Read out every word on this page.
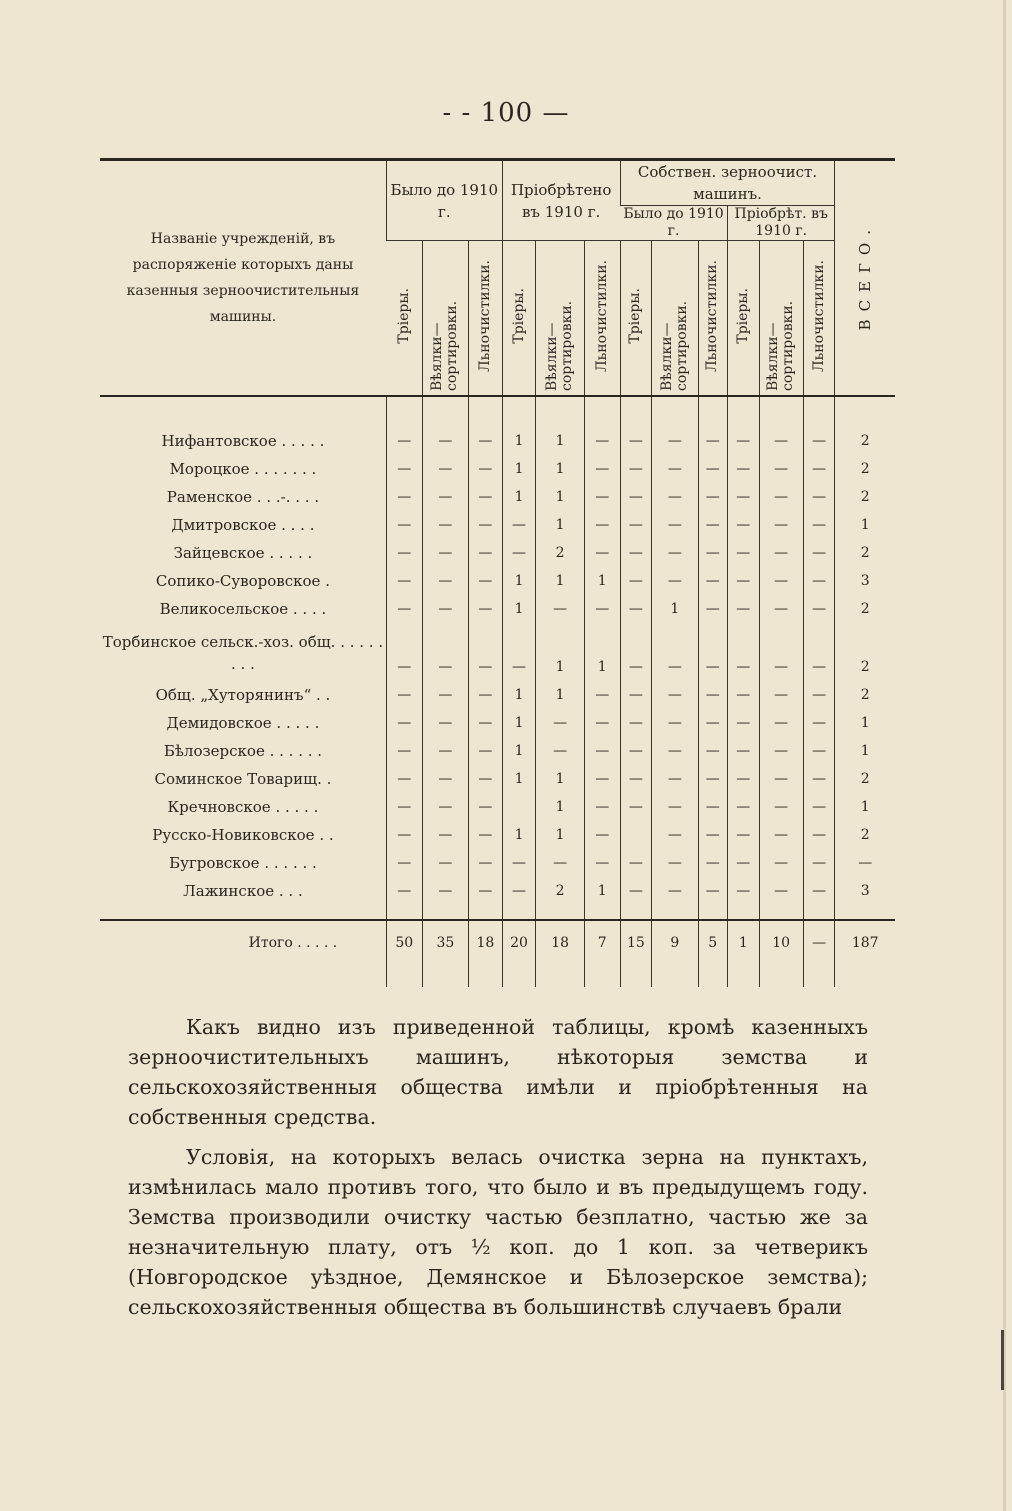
- - 100 —
Названіе учрежденій, въ распоряженіе которыхъ даны казенныя зерноочистительныя машины.	Было до 1910 г.			Пріобрѣтено въ 1910 г.			Собствен. зерноочист. машинъ.						ВСЕГО.
							Было до 1910 г.			Пріобрѣт. въ 1910 г.			
	Тріеры.	Вѣялки—сортировки.	Льночистилки.	Тріеры.	Вѣялки—сортировки.	Льночистилки.	Тріеры.	Вѣялки—сортировки.	Льночистилки.	Тріеры.	Вѣялки—сортировки.	Льночистилки.	

Нифантовское . . . . .	—	—	—	1	1	—	—	—	—	—	—	—	2
Мороцкое . . . . . . .	—	—	—	1	1	—	—	—	—	—	—	—	2
Раменское . . .-. . . .	—	—	—	1	1	—	—	—	—	—	—	—	2
Дмитровское . . . .	—	—	—	—	1	—	—	—	—	—	—	—	1
Зайцевское . . . . .	—	—	—	—	2	—	—	—	—	—	—	—	2
Сопико-Суворовское .	—	—	—	1	1	1	—	—	—	—	—	—	3
Великосельское . . . .	—	—	—	1	—	—	—	1	—	—	—	—	2
Торбинское сельск.-хоз. общ. . . . . . . . .	—	—	—	—	1	1	—	—	—	—	—	—	2
Общ. „Хуторянинъ“ . .	—	—	—	1	1	—	—	—	—	—	—	—	2
Демидовское . . . . .	—	—	—	1	—	—	—	—	—	—	—	—	1
Бѣлозерское . . . . . .	—	—	—	1	—	—	—	—	—	—	—	—	1
Соминское Товарищ. .	—	—	—	1	1	—	—	—	—	—	—	—	2
Кречновское . . . . .	—	—	—		1	—	—	—	—	—	—	—	1
Русско-Новиковское . .	—	—	—	1	1	—		—	—	—	—	—	2
Бугровское . . . . . .	—	—	—	—	—	—	—	—	—	—	—	—	—
Лажинское . . .	—	—	—	—	2	1	—	—	—	—	—	—	3

Итого . . . . .	50	35	18	20	18	7	15	9	5	1	10	—	187

Какъ видно изъ приведенной таблицы, кромѣ казенныхъ зерноочистительныхъ машинъ, нѣкоторыя земства и сельскохозяйственныя общества имѣли и пріобрѣтенныя на собственныя средства.

Условія, на которыхъ велась очистка зерна на пунктахъ, измѣнилась мало противъ того, что было и въ предыдущемъ году. Земства производили очистку частью безплатно, частью же за незначительную плату, отъ ½ коп. до 1 коп. за четверикъ (Новгородское уѣздное, Демянское и Бѣлозерское земства); сельскохозяйственныя общества въ большинствѣ случаевъ брали
